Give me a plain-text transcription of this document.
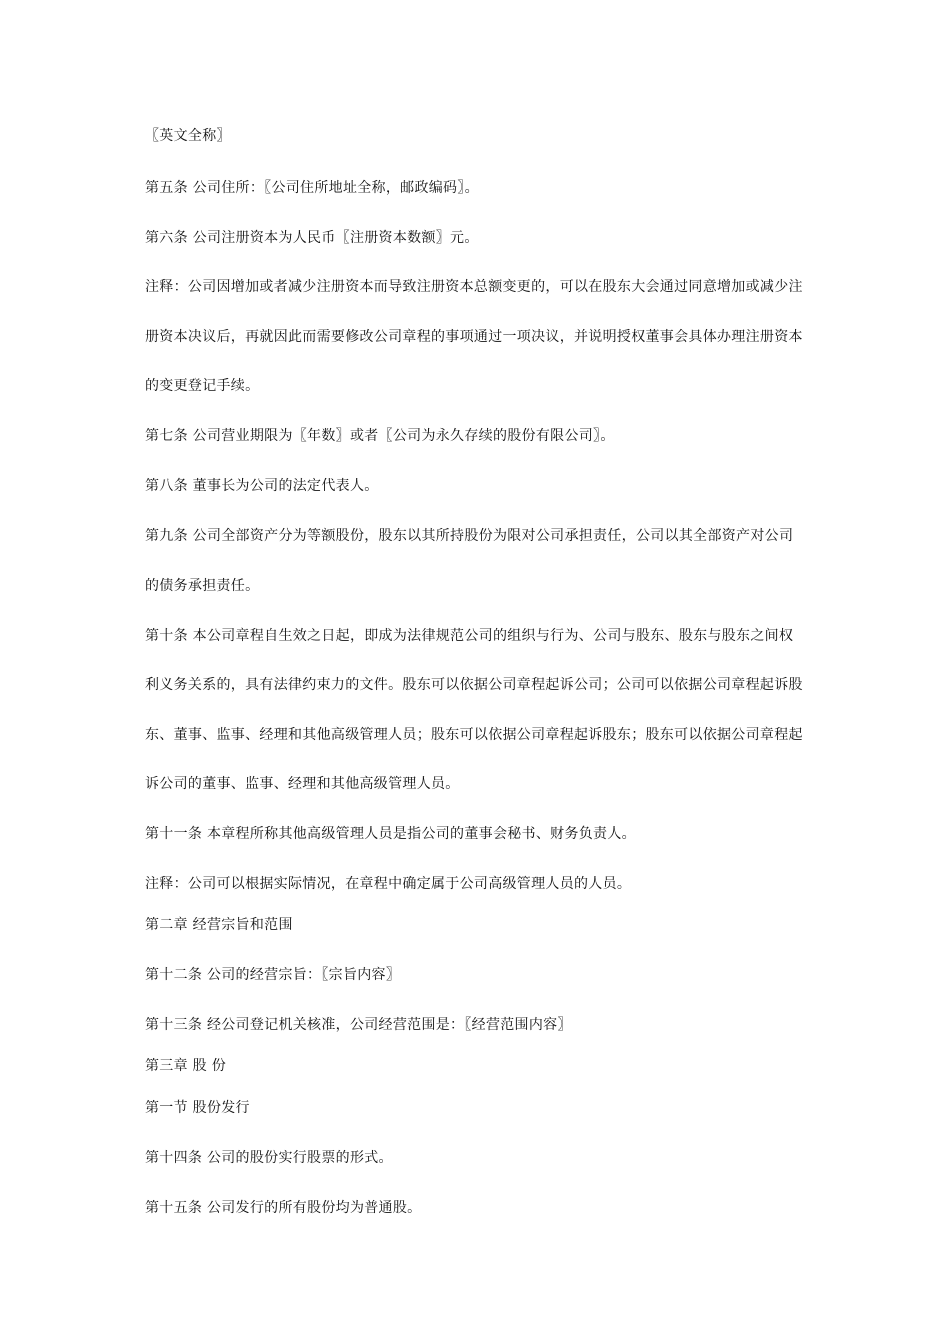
〖英文全称〗
第五条 公司住所：〖公司住所地址全称，邮政编码〗。
第六条 公司注册资本为人民币〖注册资本数额〗元。
注释：公司因增加或者减少注册资本而导致注册资本总额变更的，可以在股东大会通过同意增加或减少注
册资本决议后，再就因此而需要修改公司章程的事项通过一项决议，并说明授权董事会具体办理注册资本
的变更登记手续。
第七条 公司营业期限为〖年数〗或者〖公司为永久存续的股份有限公司〗。
第八条 董事长为公司的法定代表人。
第九条 公司全部资产分为等额股份，股东以其所持股份为限对公司承担责任，公司以其全部资产对公司
的债务承担责任。
第十条 本公司章程自生效之日起，即成为法律规范公司的组织与行为、公司与股东、股东与股东之间权
利义务关系的，具有法律约束力的文件。股东可以依据公司章程起诉公司；公司可以依据公司章程起诉股
东、董事、监事、经理和其他高级管理人员；股东可以依据公司章程起诉股东；股东可以依据公司章程起
诉公司的董事、监事、经理和其他高级管理人员。
第十一条 本章程所称其他高级管理人员是指公司的董事会秘书、财务负责人。
注释：公司可以根据实际情况，在章程中确定属于公司高级管理人员的人员。
第二章 经营宗旨和范围
第十二条 公司的经营宗旨：〖宗旨内容〗
第十三条 经公司登记机关核准，公司经营范围是：〖经营范围内容〗
第三章 股 份
第一节 股份发行
第十四条 公司的股份实行股票的形式。
第十五条 公司发行的所有股份均为普通股。
